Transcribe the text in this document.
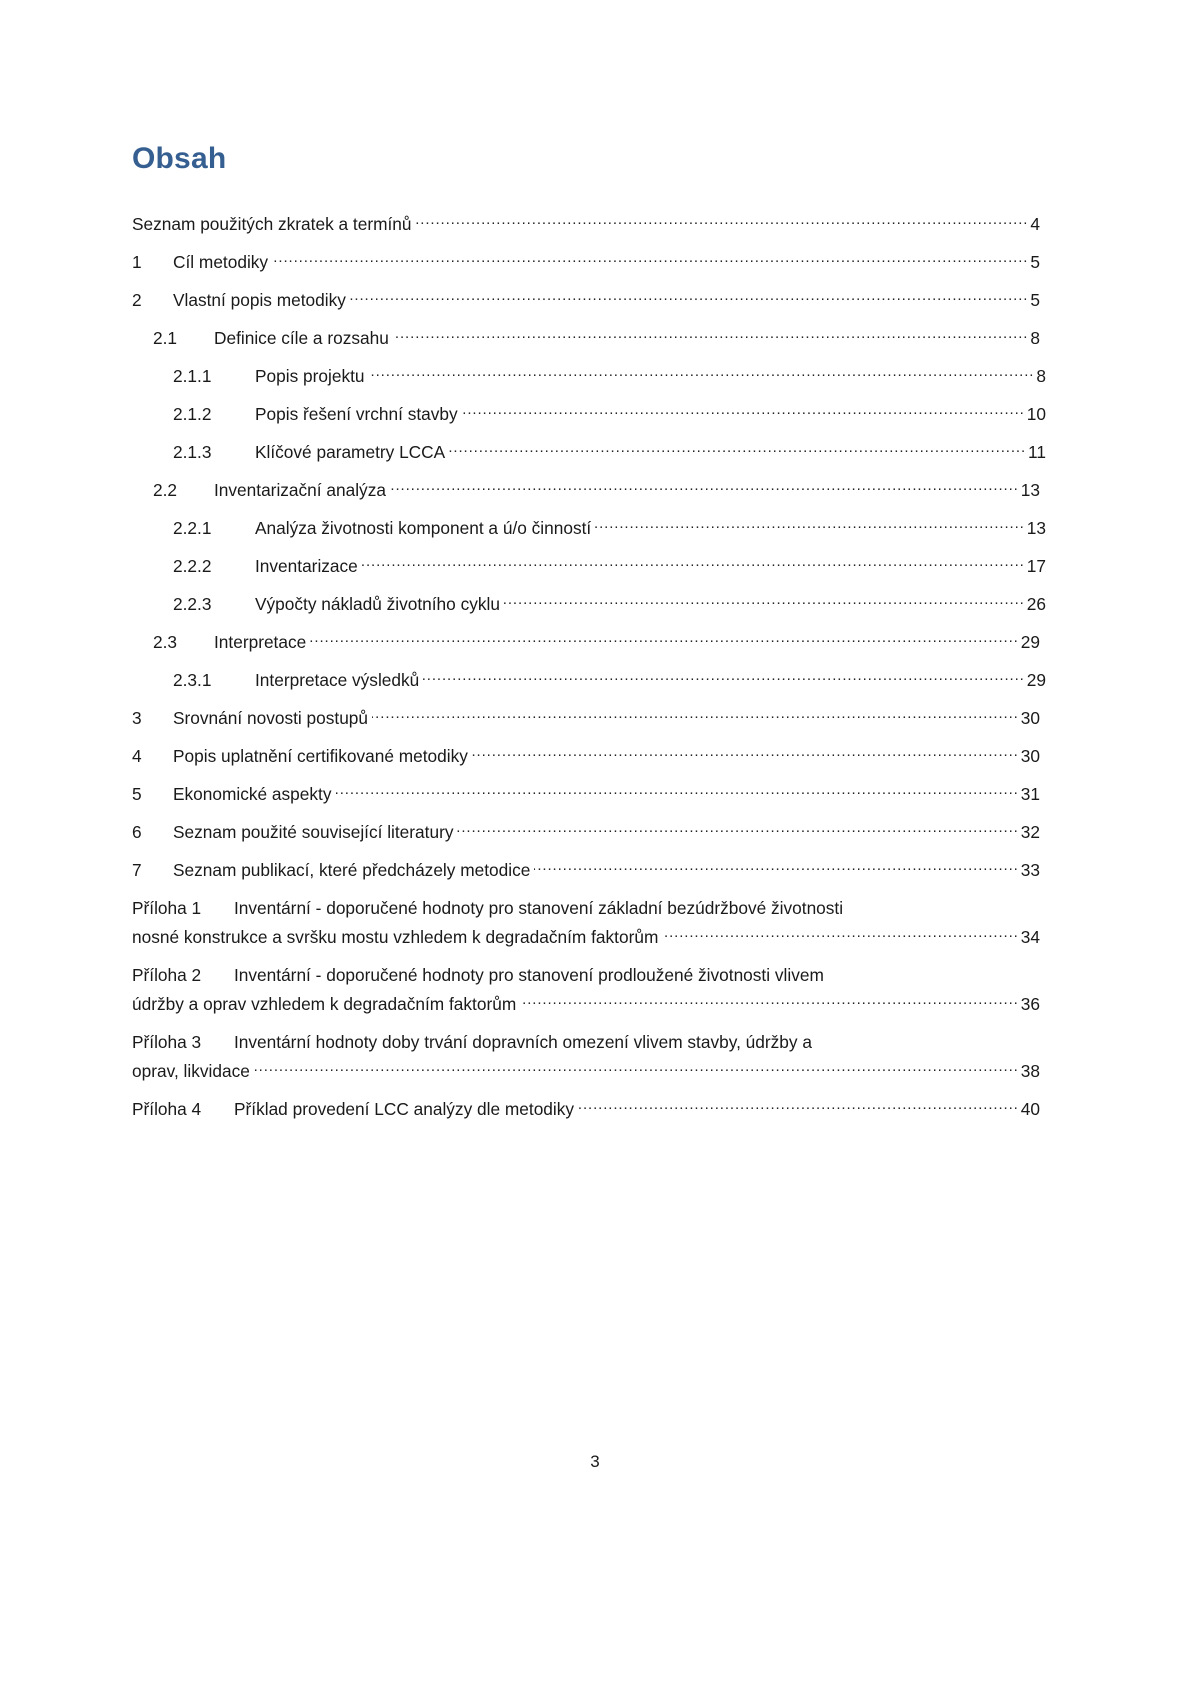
Obsah
Seznam použitých zkratek a termínů .....	4
1	Cíl metodiky .....	5
2	Vlastní popis metodiky .....	5
2.1	Definice cíle a rozsahu .....	8
2.1.1	Popis projektu .....	8
2.1.2	Popis řešení vrchní stavby .....	10
2.1.3	Klíčové parametry LCCA .....	11
2.2	Inventarizační analýza .....	13
2.2.1	Analýza životnosti komponent a ú/o činností .....	13
2.2.2	Inventarizace .....	17
2.2.3	Výpočty nákladů životního cyklu .....	26
2.3	Interpretace .....	29
2.3.1	Interpretace výsledků .....	29
3	Srovnání novosti postupů .....	30
4	Popis uplatnění certifikované metodiky .....	30
5	Ekonomické aspekty .....	31
6	Seznam použité související literatury .....	32
7	Seznam publikací, které předcházely metodice .....	33
Příloha 1 Inventární - doporučené hodnoty pro stanovení základní bezúdržbové životnosti
nosné konstrukce a svršku mostu vzhledem k degradačním faktorům .....	34
Příloha 2 Inventární - doporučené hodnoty pro stanovení prodloužené životnosti vlivem
údržby a oprav vzhledem k degradačním faktorům .....	36
Příloha 3 Inventární hodnoty doby trvání dopravních omezení vlivem stavby, údržby a
oprav, likvidace .....	38
Příloha 4	Příklad provedení LCC analýzy dle metodiky .....	40
3
